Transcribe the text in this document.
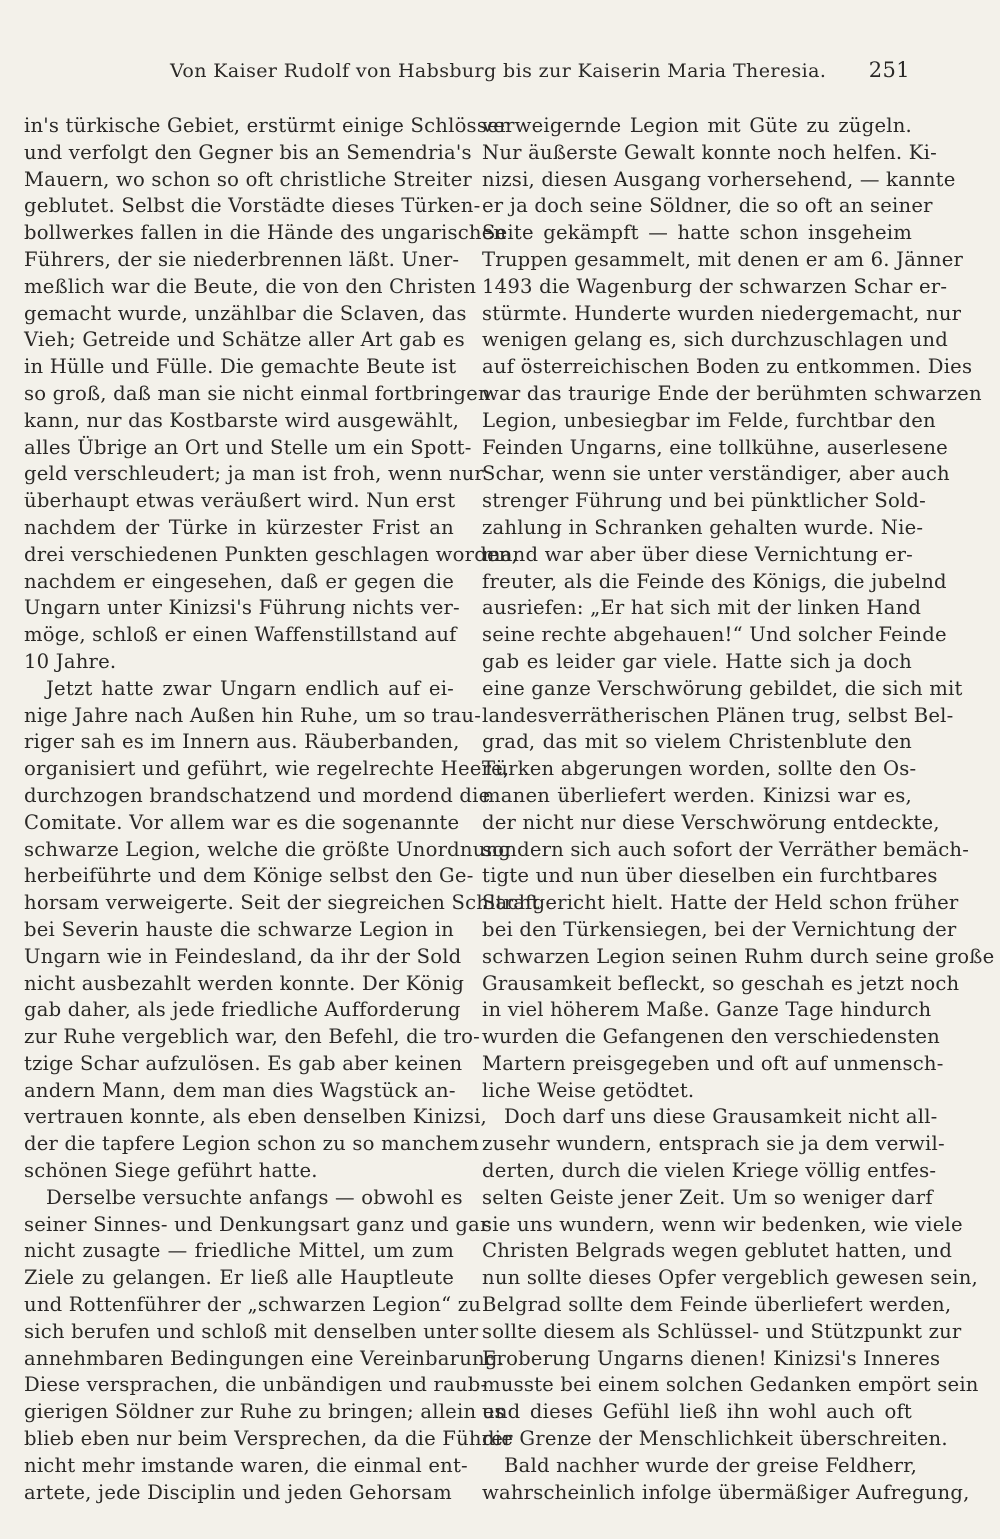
Von Kaiser Rudolf von Habsburg bis zur Kaiserin Maria Theresia. 251
in's türkische Gebiet, erstürmt einige Schlösser
und verfolgt den Gegner bis an Semendria's
Mauern, wo schon so oft christliche Streiter
geblutet. Selbst die Vorstädte dieses Türken-
bollwerkes fallen in die Hände des ungarischen
Führers, der sie niederbrennen läßt. Uner-
meßlich war die Beute, die von den Christen
gemacht wurde, unzählbar die Sclaven, das
Vieh; Getreide und Schätze aller Art gab es
in Hülle und Fülle. Die gemachte Beute ist
so groß, daß man sie nicht einmal fortbringen
kann, nur das Kostbarste wird ausgewählt,
alles Übrige an Ort und Stelle um ein Spott-
geld verschleudert; ja man ist froh, wenn nur
überhaupt etwas veräußert wird. Nun erst
nachdem der Türke in kürzester Frist an
drei verschiedenen Punkten geschlagen worden,
nachdem er eingesehen, daß er gegen die
Ungarn unter Kinizsi's Führung nichts ver-
möge, schloß er einen Waffenstillstand auf
10 Jahre.
Jetzt hatte zwar Ungarn endlich auf ei-
nige Jahre nach Außen hin Ruhe, um so trau-
riger sah es im Innern aus. Räuberbanden,
organisiert und geführt, wie regelrechte Heere,
durchzogen brandschatzend und mordend die
Comitate. Vor allem war es die sogenannte
schwarze Legion, welche die größte Unordnung
herbeiführte und dem Könige selbst den Ge-
horsam verweigerte. Seit der siegreichen Schlacht
bei Severin hauste die schwarze Legion in
Ungarn wie in Feindesland, da ihr der Sold
nicht ausbezahlt werden konnte. Der König
gab daher, als jede friedliche Aufforderung
zur Ruhe vergeblich war, den Befehl, die tro-
tzige Schar aufzulösen. Es gab aber keinen
andern Mann, dem man dies Wagstück an-
vertrauen konnte, als eben denselben Kinizsi,
der die tapfere Legion schon zu so manchem
schönen Siege geführt hatte.
Derselbe versuchte anfangs — obwohl es
seiner Sinnes- und Denkungsart ganz und gar
nicht zusagte — friedliche Mittel, um zum
Ziele zu gelangen. Er ließ alle Hauptleute
und Rottenführer der „schwarzen Legion“ zu
sich berufen und schloß mit denselben unter
annehmbaren Bedingungen eine Vereinbarung.
Diese versprachen, die unbändigen und raub-
gierigen Söldner zur Ruhe zu bringen; allein es
blieb eben nur beim Versprechen, da die Führer
nicht mehr imstande waren, die einmal ent-
artete, jede Disciplin und jeden Gehorsam
verweigernde Legion mit Güte zu zügeln.
Nur äußerste Gewalt konnte noch helfen. Ki-
nizsi, diesen Ausgang vorhersehend, — kannte
er ja doch seine Söldner, die so oft an seiner
Seite gekämpft — hatte schon insgeheim
Truppen gesammelt, mit denen er am 6. Jänner
1493 die Wagenburg der schwarzen Schar er-
stürmte. Hunderte wurden niedergemacht, nur
wenigen gelang es, sich durchzuschlagen und
auf österreichischen Boden zu entkommen. Dies
war das traurige Ende der berühmten schwarzen
Legion, unbesiegbar im Felde, furchtbar den
Feinden Ungarns, eine tollkühne, auserlesene
Schar, wenn sie unter verständiger, aber auch
strenger Führung und bei pünktlicher Sold-
zahlung in Schranken gehalten wurde. Nie-
mand war aber über diese Vernichtung er-
freuter, als die Feinde des Königs, die jubelnd
ausriefen: „Er hat sich mit der linken Hand
seine rechte abgehauen!“ Und solcher Feinde
gab es leider gar viele. Hatte sich ja doch
eine ganze Verschwörung gebildet, die sich mit
landesverrätherischen Plänen trug, selbst Bel-
grad, das mit so vielem Christenblute den
Türken abgerungen worden, sollte den Os-
manen überliefert werden. Kinizsi war es,
der nicht nur diese Verschwörung entdeckte,
sondern sich auch sofort der Verräther bemäch-
tigte und nun über dieselben ein furchtbares
Strafgericht hielt. Hatte der Held schon früher
bei den Türkensiegen, bei der Vernichtung der
schwarzen Legion seinen Ruhm durch seine große
Grausamkeit befleckt, so geschah es jetzt noch
in viel höherem Maße. Ganze Tage hindurch
wurden die Gefangenen den verschiedensten
Martern preisgegeben und oft auf unmensch-
liche Weise getödtet.
Doch darf uns diese Grausamkeit nicht all-
zusehr wundern, entsprach sie ja dem verwil-
derten, durch die vielen Kriege völlig entfes-
selten Geiste jener Zeit. Um so weniger darf
sie uns wundern, wenn wir bedenken, wie viele
Christen Belgrads wegen geblutet hatten, und
nun sollte dieses Opfer vergeblich gewesen sein,
Belgrad sollte dem Feinde überliefert werden,
sollte diesem als Schlüssel- und Stützpunkt zur
Eroberung Ungarns dienen! Kinizsi's Inneres
musste bei einem solchen Gedanken empört sein
und dieses Gefühl ließ ihn wohl auch oft
die Grenze der Menschlichkeit überschreiten.
Bald nachher wurde der greise Feldherr,
wahrscheinlich infolge übermäßiger Aufregung,
